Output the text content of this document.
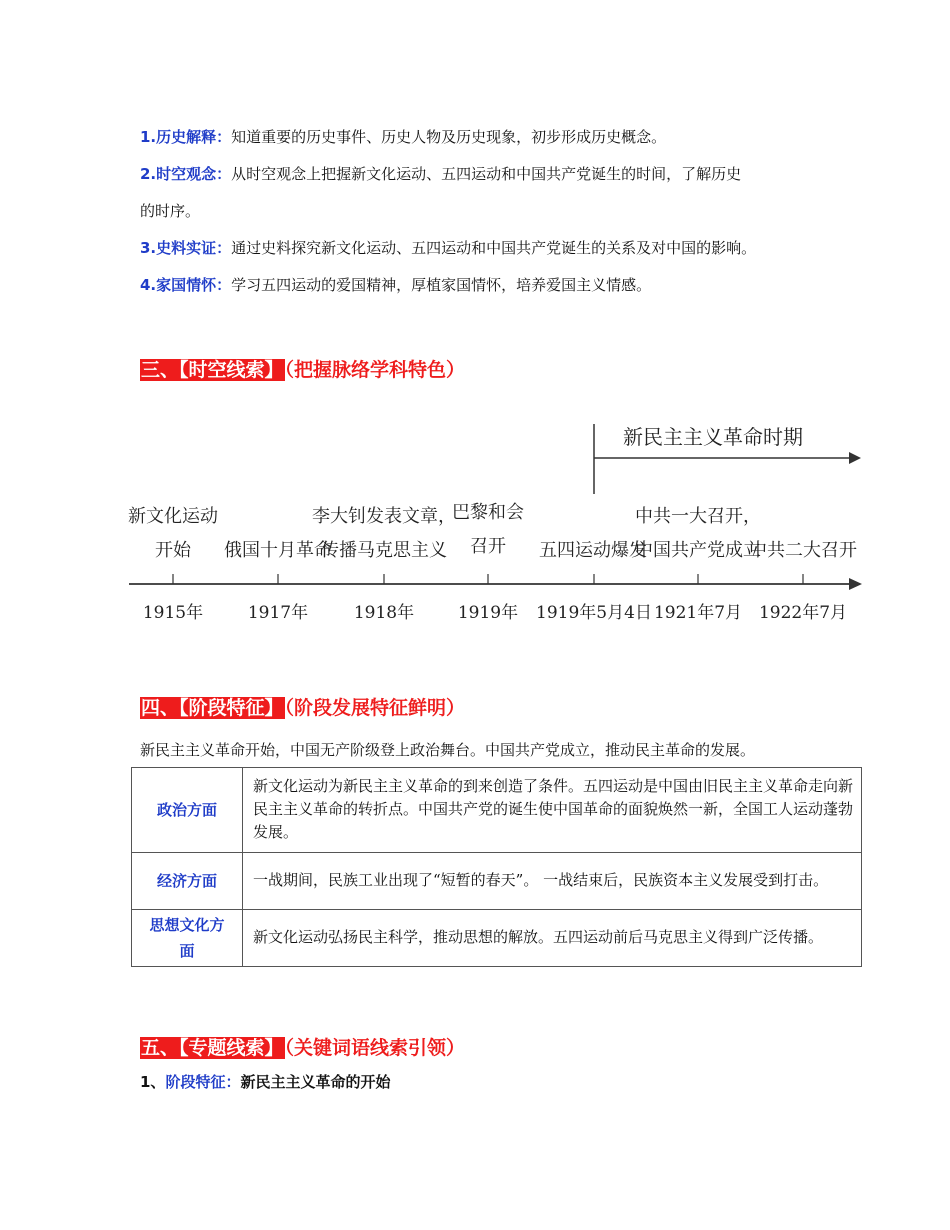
1.历史解释：知道重要的历史事件、历史人物及历史现象，初步形成历史概念。
2.时空观念：从时空观念上把握新文化运动、五四运动和中国共产党诞生的时间，了解历史
的时序。
3.史料实证：通过史料探究新文化运动、五四运动和中国共产党诞生的关系及对中国的影响。
4.家国情怀：学习五四运动的爱国精神，厚植家国情怀，培养爱国主义情感。
三、【时空线索】（把握脉络学科特色）
新民主主义革命时期
新文化运动
开始 俄国十月革命
李大钊发表文章，
传播马克思主义
巴黎和会
召开 五四运动爆发
中共一大召开，
中国共产党成立
中共二大召开
1915年	1917年	1918年	1919年 1919年5月4日 1921年7月 1922年7月
四、【阶段特征】（阶段发展特征鲜明）
新民主主义革命开始，中国无产阶级登上政治舞台。中国共产党成立，推动民主革命的发展。
政治方面	新文化运动为新民主主义革命的到来创造了条件。五四运动是中国由旧民主主义革命走向新民主主义革命的转折点。中国共产党的诞生使中国革命的面貌焕然一新，全国工人运动蓬勃发展。
经济方面	一战期间，民族工业出现了“短暂的春天”。 一战结束后，民族资本主义发展受到打击。
思想文化方面	新文化运动弘扬民主科学，推动思想的解放。五四运动前后马克思主义得到广泛传播。
五、【专题线索】（关键词语线索引领）
1、阶段特征：新民主主义革命的开始
